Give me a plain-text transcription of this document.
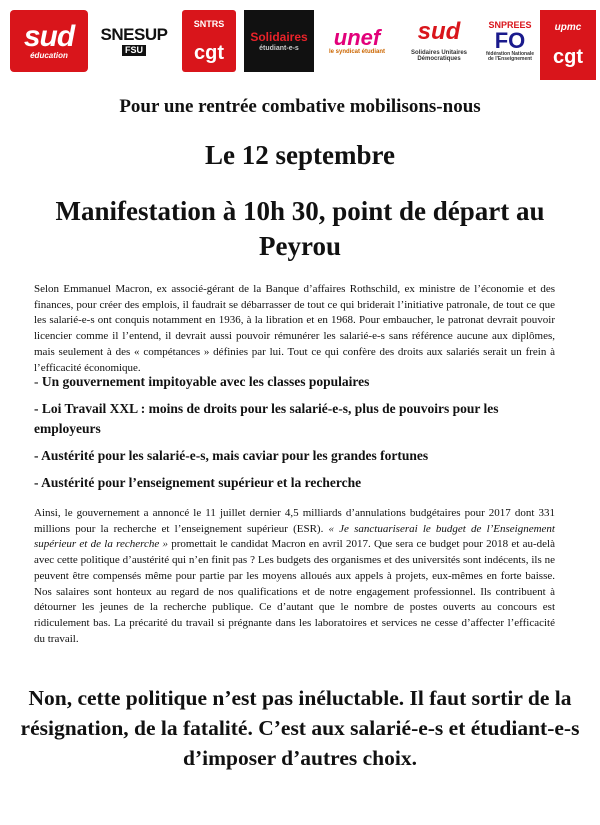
sud
éducation
SNESUP
FSU
SNTRS
cgt
Solidaires
étudiant-e-s unef
le syndicat étudiant
sud
Solidaires Unitaires Démocratiques
SNPREES
FO
fédération Nationale de l'Enseignement
upmc
cgt
Pour une rentrée combative mobilisons-nous
Le 12 septembre
Manifestation à 10h 30, point de départ au Peyrou

Selon Emmanuel Macron, ex associé-gérant de la Banque d’affaires Rothschild, ex ministre de l’économie et des finances, pour créer des emplois, il faudrait se débarrasser de tout ce qui briderait l’initiative patronale, de tout ce que les salarié-e-s ont conquis notamment en 1936, à la libration et en 1968. Pour embaucher, le patronat devrait pouvoir licencier comme il l’entend, il devrait aussi pouvoir rémunérer les salarié-e-s sans référence aucune aux diplômes, mais seulement à des « compétances » définies par lui. Tout ce qui confère des droits aux salariés serait un frein à l’efficacité économique.

- Un gouvernement impitoyable avec les classes populaires
- Loi Travail XXL : moins de droits pour les salarié-e-s, plus de pouvoirs pour les employeurs
- Austérité pour les salarié-e-s, mais caviar pour les grandes fortunes
- Austérité pour l’enseignement supérieur et la recherche

Ainsi, le gouvernement a annoncé le 11 juillet dernier 4,5 milliards d’annulations budgétaires pour 2017 dont 331 millions pour la recherche et l’enseignement supérieur (ESR). « Je sanctuariserai le budget de l’Enseignement supérieur et de la recherche » promettait le candidat Macron en avril 2017. Que sera ce budget pour 2018 et au-delà avec cette politique d’austérité qui n’en finit pas ? Les budgets des organismes et des universités sont indécents, ils ne peuvent être compensés même pour partie par les moyens alloués aux appels à projets, eux-mêmes en forte baisse. Nos salaires sont honteux au regard de nos qualifications et de notre engagement professionnel. Ils contribuent à détourner les jeunes de la recherche publique. Ce d’autant que le nombre de postes ouverts au concours est ridiculement bas. La précarité du travail si prégnante dans les laboratoires et services ne cesse d’affecter l’efficacité du travail.

Non, cette politique n’est pas inéluctable. Il faut sortir de la résignation, de la fatalité. C’est aux salarié-e-s et étudiant-e-s d’imposer d’autres choix.
